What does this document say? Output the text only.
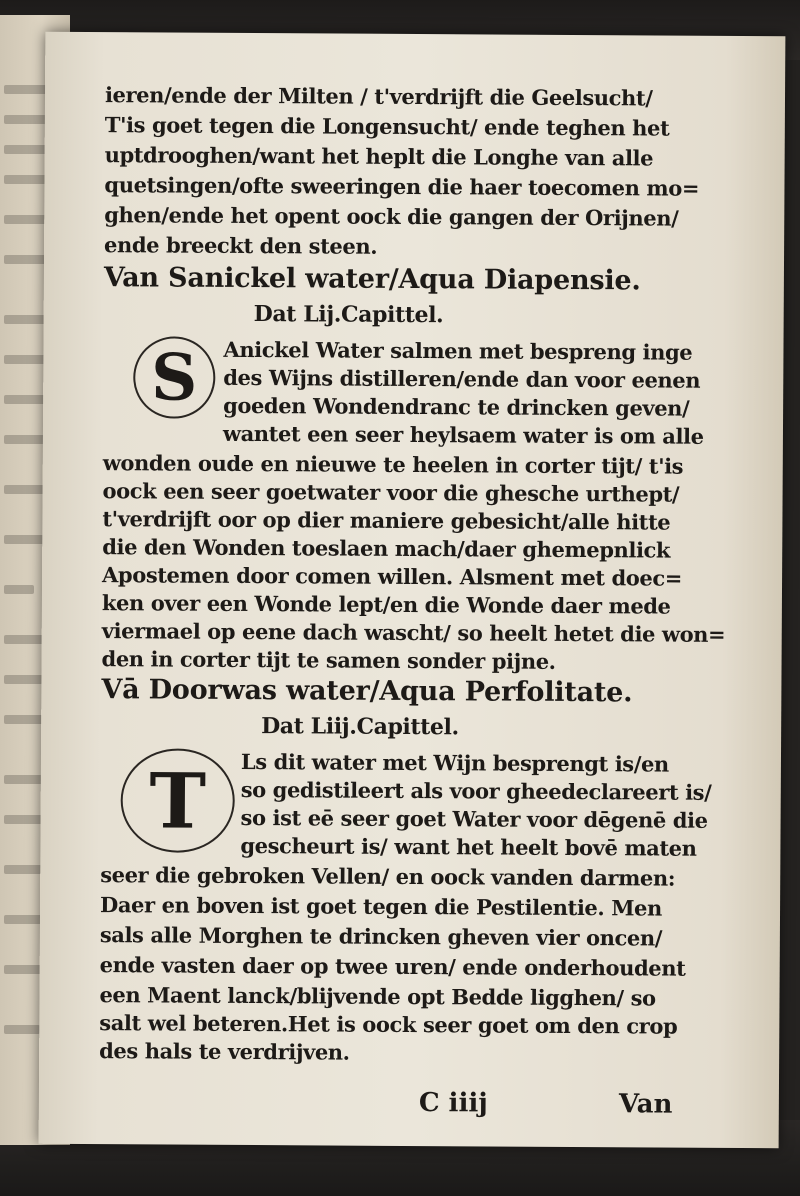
ieren/ende der Milten / t'verdrijft die Geelsucht/
T'is goet tegen die Longensucht/ ende teghen het
uptdrooghen/want het heplt die Longhe van alle
quetsingen/ofte sweeringen die haer toecomen mo=
ghen/ende het opent oock die gangen der Orijnen/
ende breeckt den steen.
Van Sanickel water/Aqua Diapensie.
Dat Lij.Capittel.
S	Anickel Water salmen met bespreng inge
des Wijns distilleren/ende dan voor eenen
goeden Wondendranc te drincken geven/
wantet een seer heylsaem water is om alle
wonden oude en nieuwe te heelen in corter tijt/ t'is
oock een seer goetwater voor die ghesche urthept/
t'verdrijft oor op dier maniere gebesicht/alle hitte
die den Wonden toeslaen mach/daer ghemepnlick
Apostemen door comen willen. Alsment met doec=
ken over een Wonde lept/en die Wonde daer mede
viermael op eene dach wascht/ so heelt hetet die won=
den in corter tijt te samen sonder pijne.
Vā Doorwas water/Aqua Perfolitate.
Dat Liij.Capittel.
T	Ls dit water met Wijn besprengt is/en
so gedistileert als voor gheedeclareert is/
so ist eē seer goet Water voor dēgenē die
gescheurt is/ want het heelt bovē maten
seer die gebroken Vellen/ en oock vanden darmen:
Daer en boven ist goet tegen die Pestilentie. Men
sals alle Morghen te drincken gheven vier oncen/
ende vasten daer op twee uren/ ende onderhoudent
een Maent lanck/blijvende opt Bedde ligghen/ so
salt wel beteren.Het is oock seer goet om den crop
des hals te verdrijven.
C iiij	Van
